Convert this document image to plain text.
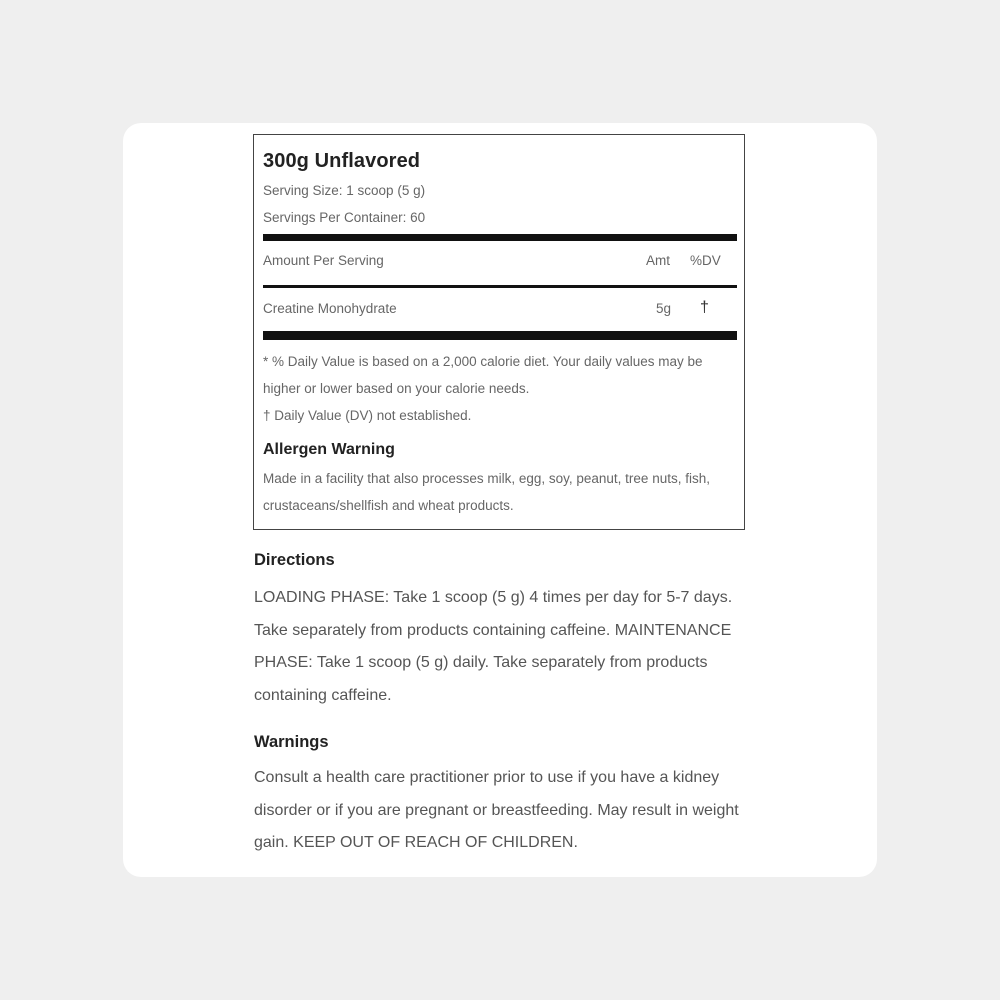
300g Unflavored
Serving Size: 1 scoop (5 g)
Servings Per Container: 60
Amount Per Serving	Amt %DV
Creatine Monohydrate	5g †
* % Daily Value is based on a 2,000 calorie diet. Your daily values may be higher or lower based on your calorie needs.
† Daily Value (DV) not established.
Allergen Warning
Made in a facility that also processes milk, egg, soy, peanut, tree nuts, fish, crustaceans/shellfish and wheat products.
Directions
LOADING PHASE: Take 1 scoop (5 g) 4 times per day for 5-7 days. Take separately from products containing caffeine. MAINTENANCE PHASE: Take 1 scoop (5 g) daily. Take separately from products containing caffeine.
Warnings
Consult a health care practitioner prior to use if you have a kidney disorder or if you are pregnant or breastfeeding. May result in weight gain. KEEP OUT OF REACH OF CHILDREN.
